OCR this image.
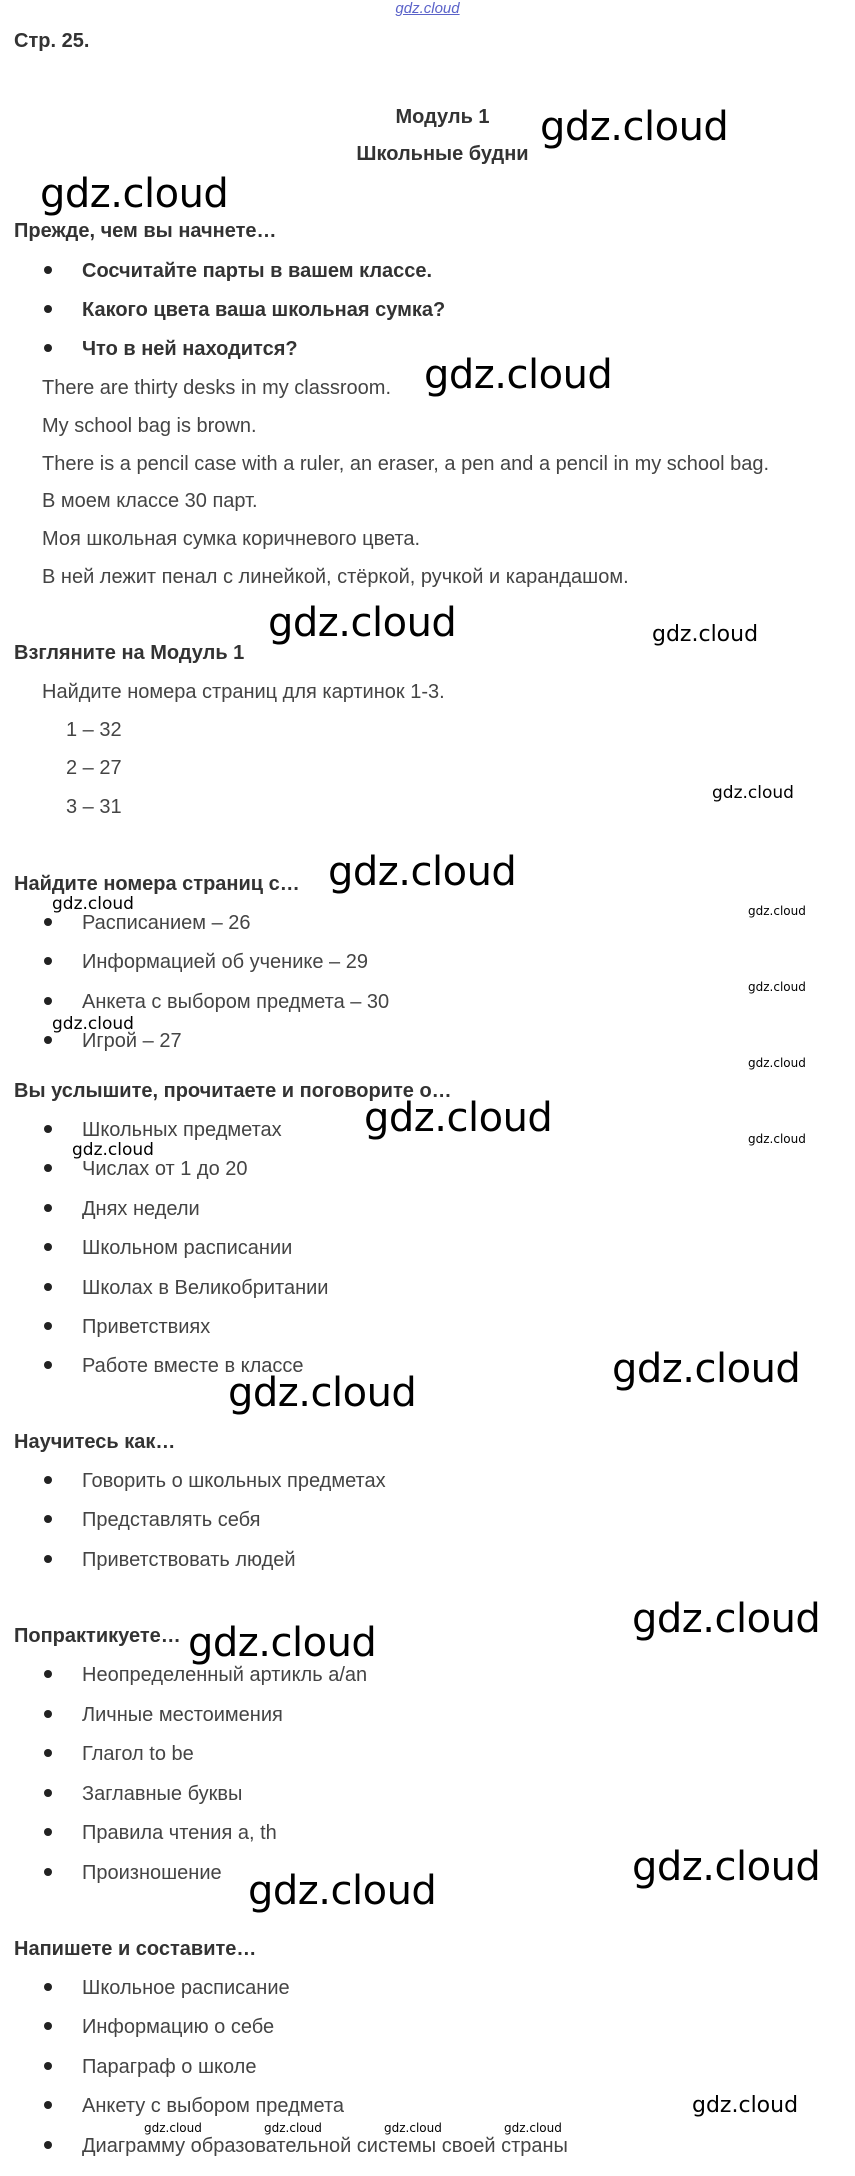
gdz.cloud
Стр. 25.
Модуль 1
Школьные будни
Прежде, чем вы начнете…
Сосчитайте парты в вашем классе.
Какого цвета ваша школьная сумка?
Что в ней находится?
There are thirty desks in my classroom.
My school bag is brown.
There is a pencil case with a ruler, an eraser, a pen and a pencil in my school bag.
В моем классе 30 парт.
Моя школьная сумка коричневого цвета.
В ней лежит пенал с линейкой, стёркой, ручкой и карандашом.
Взгляните на Модуль 1
Найдите номера страниц для картинок 1-3.
1 – 32
2 – 27
3 – 31
Найдите номера страниц с…
Расписанием – 26
Информацией об ученике – 29
Анкета с выбором предмета – 30
Игрой – 27
Вы услышите, прочитаете и поговорите о…
Школьных предметах
Числах от 1 до 20
Днях недели
Школьном расписании
Школах в Великобритании
Приветствиях
Работе вместе в классе
Научитесь как…
Говорить о школьных предметах
Представлять себя
Приветствовать людей
Попрактикуете…
Неопределенный артикль a/an
Личные местоимения
Глагол to be
Заглавные буквы
Правила чтения a, th
Произношение
Напишете и составите…
Школьное расписание
Информацию о себе
Параграф о школе
Анкету с выбором предмета
Диаграмму образовательной системы своей страны
gdz.cloud
gdz.cloud
gdz.cloud
gdz.cloud	gdz.cloud
gdz.cloud
gdz.cloud
gdz.cloud	gdz.cloud
gdz.cloud
gdz.cloud
gdz.cloud
gdz.cloud	gdz.cloud
gdz.cloud
gdz.cloud
gdz.cloud
gdz.cloud
gdz.cloud
gdz.cloud
gdz.cloud
gdz.cloud
gdz.cloud	gdz.cloud	gdz.cloud	gdz.cloud
